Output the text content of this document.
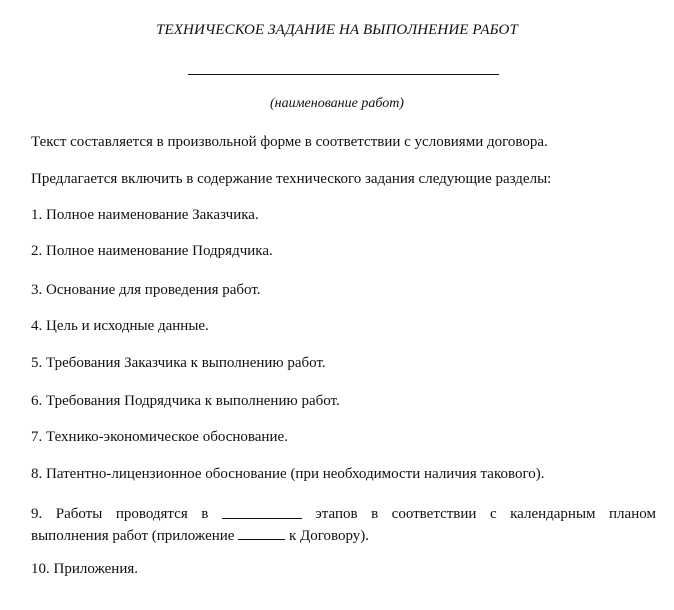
ТЕХНИЧЕСКОЕ ЗАДАНИЕ НА ВЫПОЛНЕНИЕ РАБОТ
(наименование работ)
Текст составляется в произвольной форме в соответствии с условиями договора.
Предлагается включить в содержание технического задания следующие разделы:
1. Полное наименование Заказчика.
2. Полное наименование Подрядчика.
3. Основание для проведения работ.
4. Цель и исходные данные.
5. Требования Заказчика к выполнению работ.
6. Требования Подрядчика к выполнению работ.
7. Технико-экономическое обоснование.
8. Патентно-лицензионное обоснование (при необходимости наличия такового).
9. Работы проводятся в	этапов в соответствии с календарным планом
выполнения работ (приложение	к Договору).
10. Приложения.
